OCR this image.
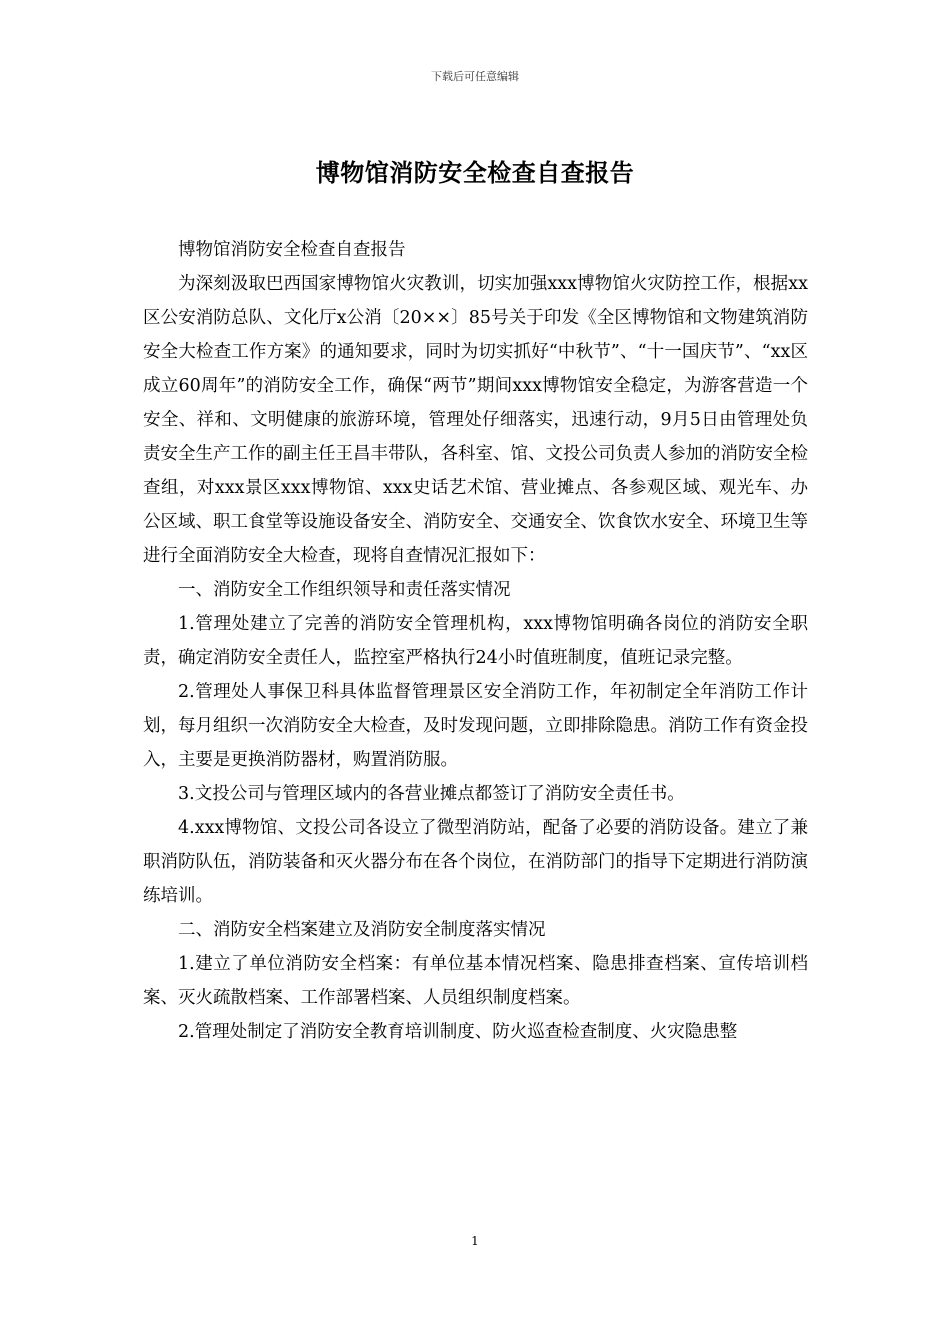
下载后可任意编辑
博物馆消防安全检查自查报告

博物馆消防安全检查自查报告

为深刻汲取巴西国家博物馆火灾教训，切实加强xxx博物馆火灾防控工作，根据xx区公安消防总队、文化厅x公消〔20××〕85号关于印发《全区博物馆和文物建筑消防安全大检查工作方案》的通知要求，同时为切实抓好“中秋节”、“十一国庆节”、“xx区成立60周年”的消防安全工作，确保“两节”期间xxx博物馆安全稳定，为游客营造一个安全、祥和、文明健康的旅游环境，管理处仔细落实，迅速行动，9月5日由管理处负责安全生产工作的副主任王昌丰带队，各科室、馆、文投公司负责人参加的消防安全检查组，对xxx景区xxx博物馆、xxx史话艺术馆、营业摊点、各参观区域、观光车、办公区域、职工食堂等设施设备安全、消防安全、交通安全、饮食饮水安全、环境卫生等进行全面消防安全大检查，现将自查情况汇报如下：

一、消防安全工作组织领导和责任落实情况

1.管理处建立了完善的消防安全管理机构，xxx博物馆明确各岗位的消防安全职责，确定消防安全责任人，监控室严格执行24小时值班制度，值班记录完整。

2.管理处人事保卫科具体监督管理景区安全消防工作，年初制定全年消防工作计划，每月组织一次消防安全大检查，及时发现问题，立即排除隐患。消防工作有资金投入，主要是更换消防器材，购置消防服。

3.文投公司与管理区域内的各营业摊点都签订了消防安全责任书。

4.xxx博物馆、文投公司各设立了微型消防站，配备了必要的消防设备。建立了兼职消防队伍，消防装备和灭火器分布在各个岗位，在消防部门的指导下定期进行消防演练培训。

二、消防安全档案建立及消防安全制度落实情况

1.建立了单位消防安全档案：有单位基本情况档案、隐患排查档案、宣传培训档案、灭火疏散档案、工作部署档案、人员组织制度档案。

2.管理处制定了消防安全教育培训制度、防火巡查检查制度、火灾隐患整

1
